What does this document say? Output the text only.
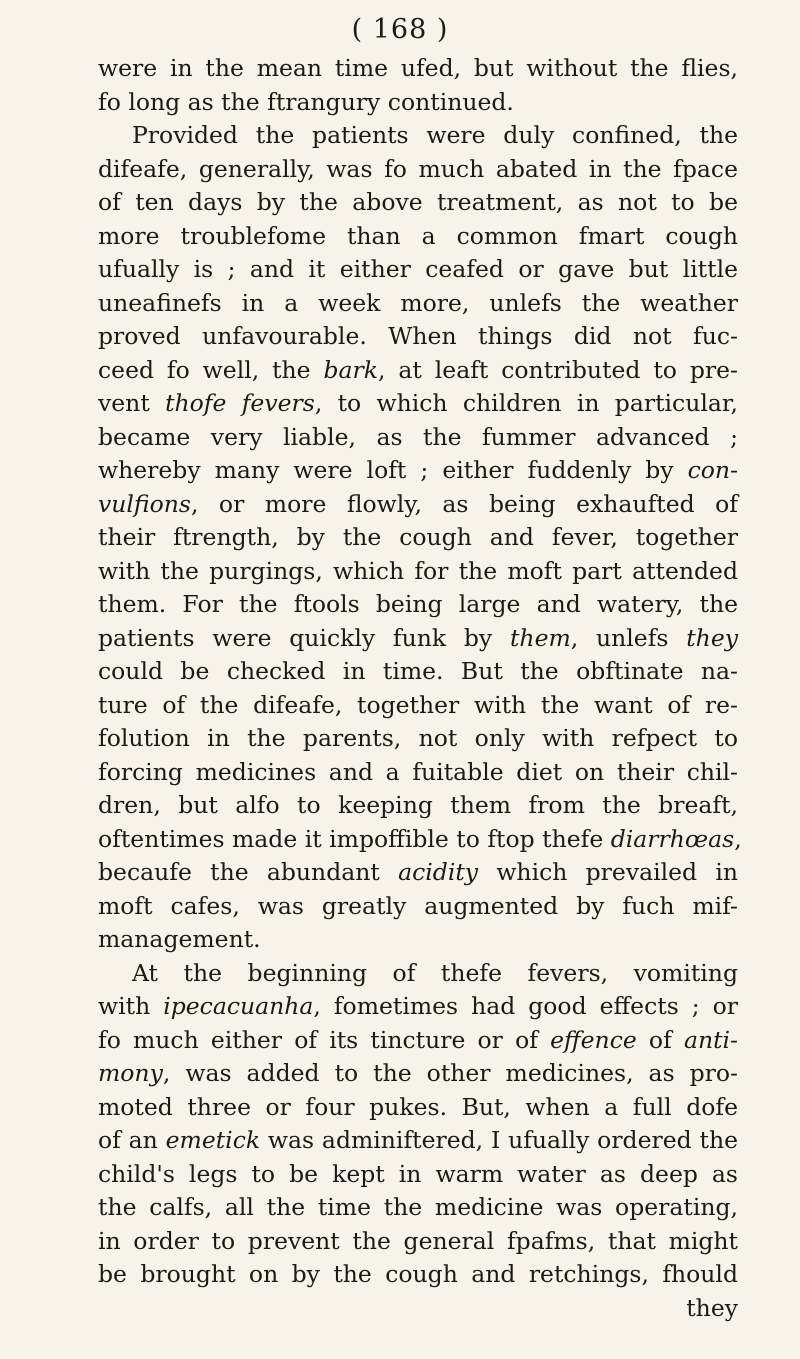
( 168 )
were in the mean time ufed, but without the flies,
fo long as the ftrangury continued.
Provided the patients were duly confined, the
difeafe, generally, was fo much abated in the fpace
of ten days by the above treatment, as not to be
more troublefome than a common fmart cough
ufually is ; and it either ceafed or gave but little
uneafinefs in a week more, unlefs the weather
proved unfavourable. When things did not fuc-
ceed fo well, the bark, at leaft contributed to pre-
vent thofe fevers, to which children in particular,
became very liable, as the fummer advanced ;
whereby many were loft ; either fuddenly by con-
vulfions, or more flowly, as being exhaufted of
their ftrength, by the cough and fever, together
with the purgings, which for the moft part attended
them. For the ftools being large and watery, the
patients were quickly funk by them, unlefs they
could be checked in time. But the obftinate na-
ture of the difeafe, together with the want of re-
folution in the parents, not only with refpect to
forcing medicines and a fuitable diet on their chil-
dren, but alfo to keeping them from the breaft,
oftentimes made it impoffible to ftop thefe diarrhœas,
becaufe the abundant acidity which prevailed in
moft cafes, was greatly augmented by fuch mif-
management.
At the beginning of thefe fevers, vomiting
with ipecacuanha, fometimes had good effects ; or
fo much either of its tincture or of effence of anti-
mony, was added to the other medicines, as pro-
moted three or four pukes. But, when a full dofe
of an emetick was adminiftered, I ufually ordered the
child's legs to be kept in warm water as deep as
the calfs, all the time the medicine was operating,
in order to prevent the general fpafms, that might
be brought on by the cough and retchings, fhould
they
